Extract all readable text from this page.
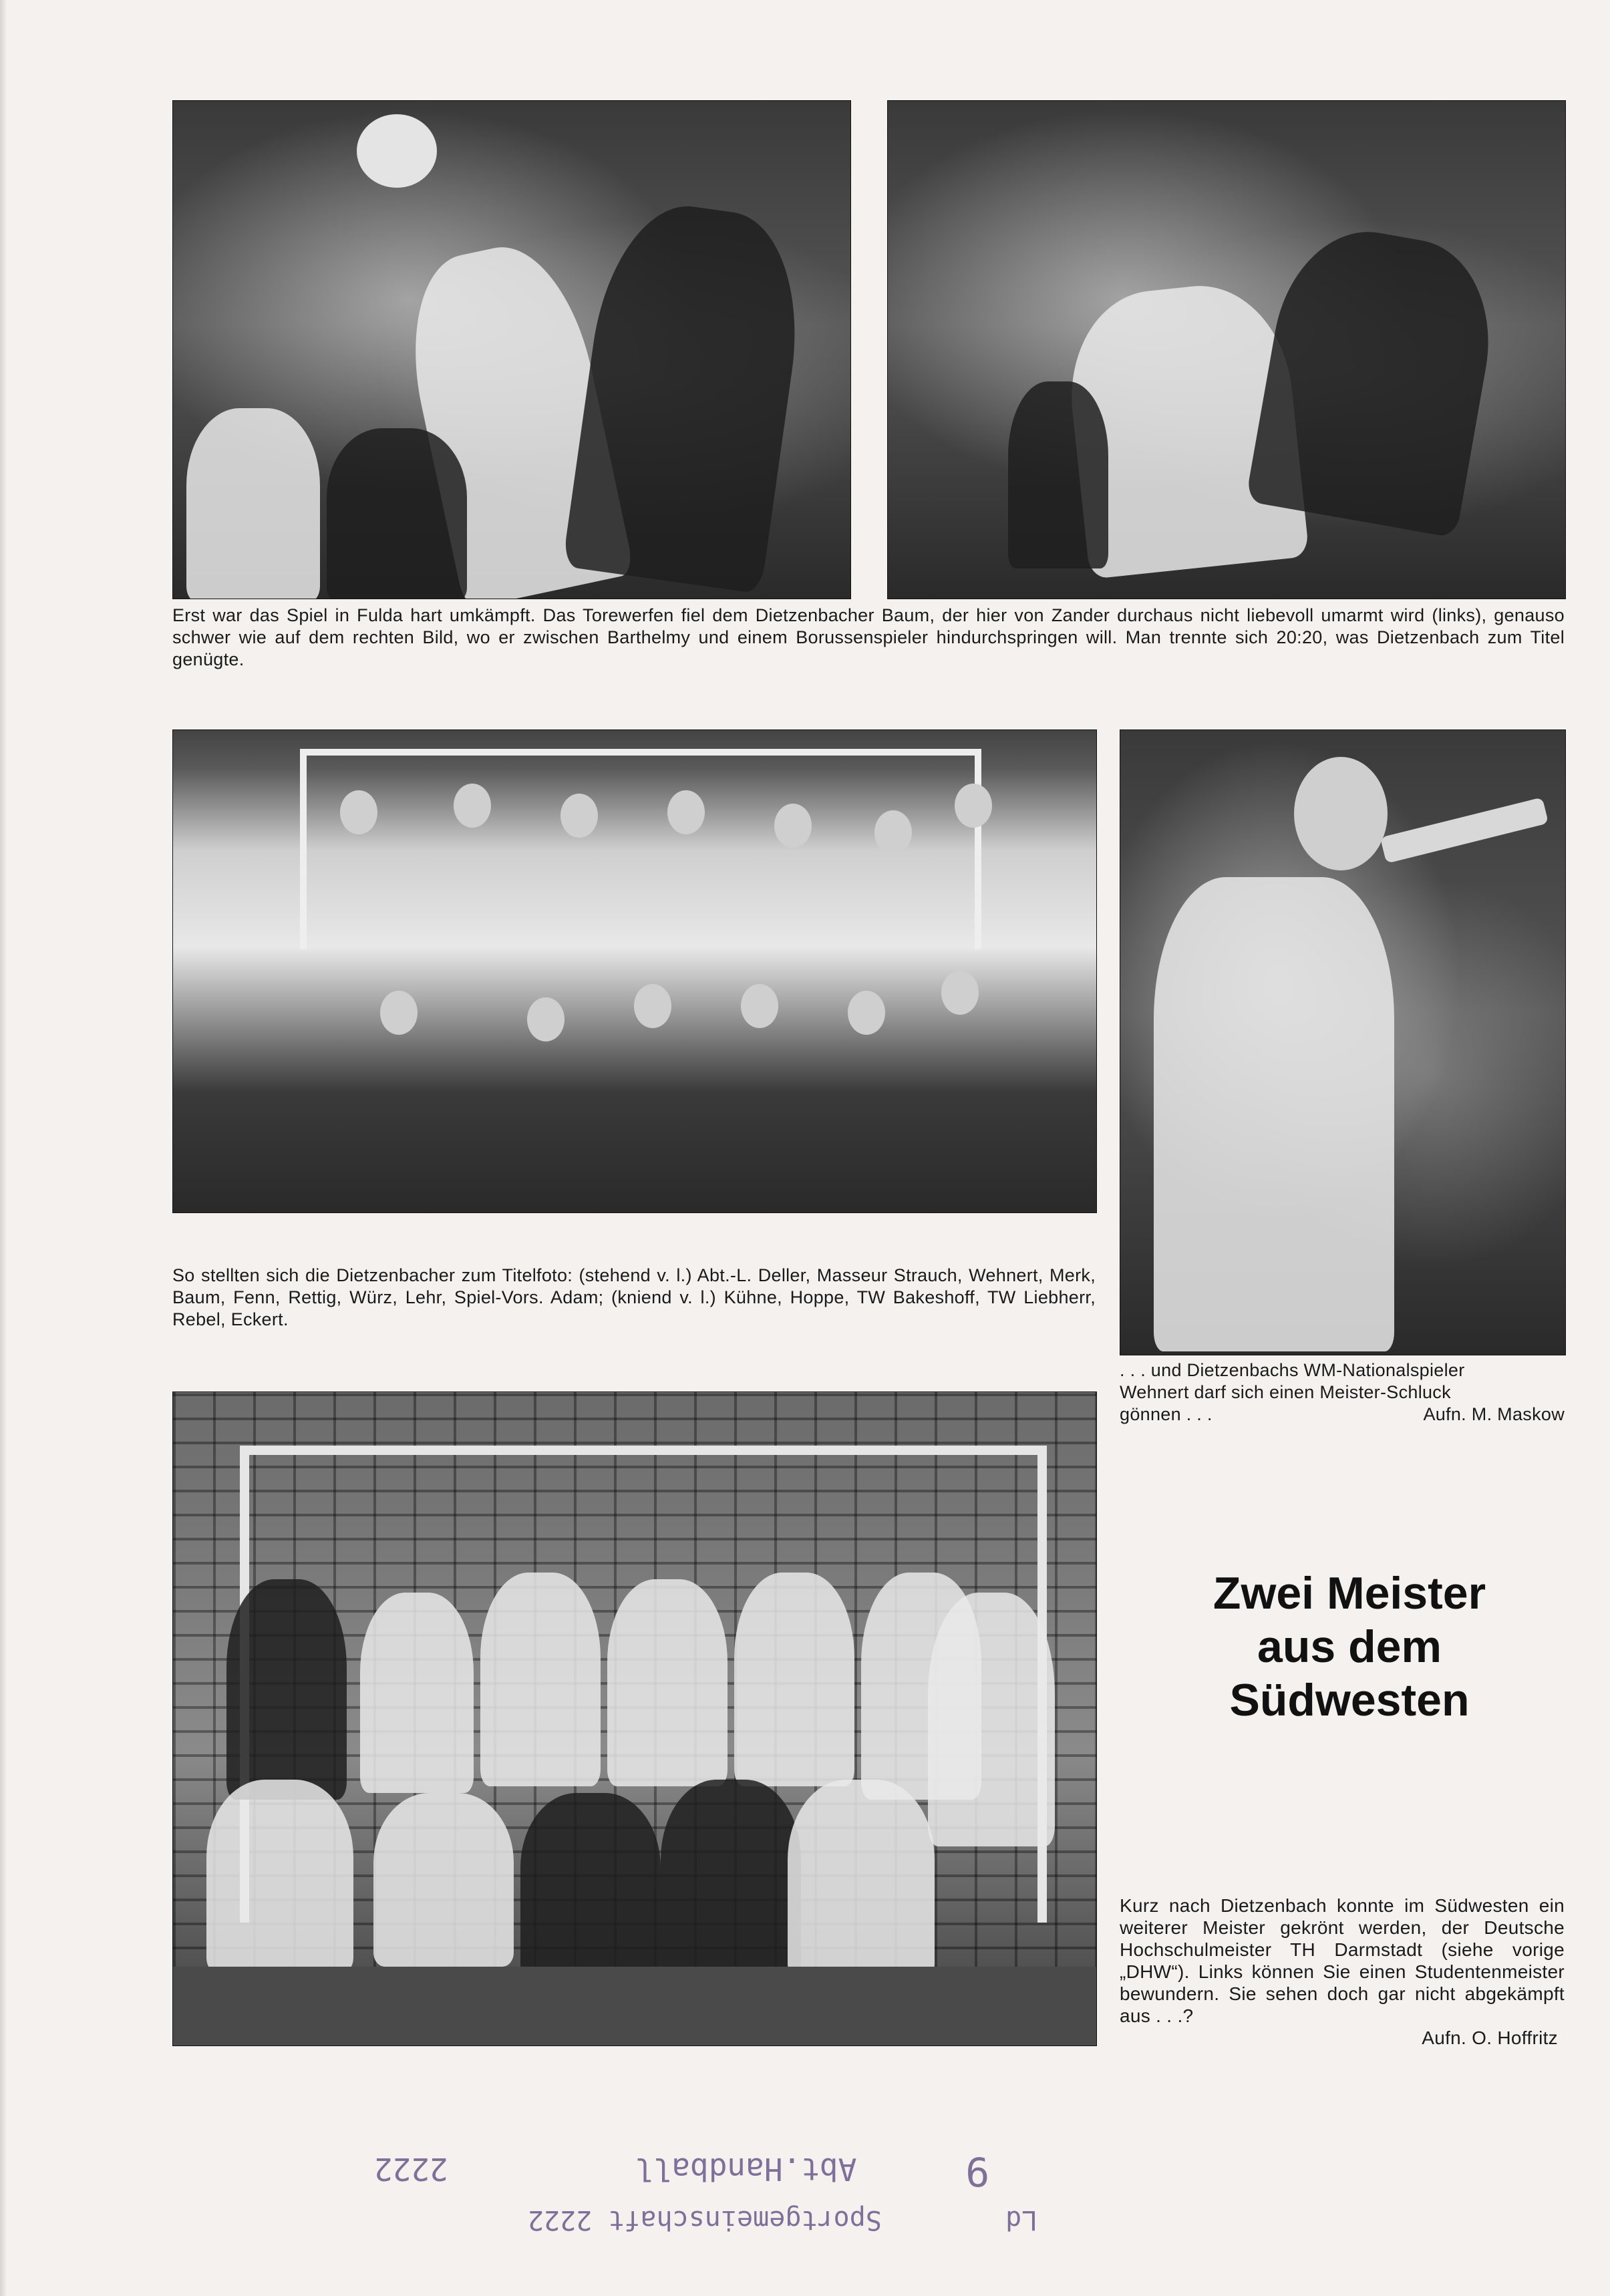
Erst war das Spiel in Fulda hart umkämpft. Das Torewerfen fiel dem Dietzenbacher Baum, der hier von Zander durchaus nicht liebevoll umarmt wird (links), genauso schwer wie auf dem rechten Bild, wo er zwischen Barthelmy und einem Borussenspieler hindurchspringen will. Man trennte sich 20:20, was Dietzenbach zum Titel genügte.
So stellten sich die Dietzenbacher zum Titelfoto: (stehend v. l.) Abt.-L. Deller, Masseur Strauch, Wehnert, Merk, Baum, Fenn, Rettig, Würz, Lehr, Spiel-Vors. Adam; (kniend v. l.) Kühne, Hoppe, TW Bakeshoff, TW Liebherr, Rebel, Eckert.
. . . und Dietzenbachs WM-Nationalspieler
Wehnert darf sich einen Meister-Schluck
gönnen . . .	Aufn. M. Maskow
Zwei Meister
aus dem
Südwesten
Kurz nach Dietzenbach konnte im Südwesten ein weiterer Meister gekrönt werden, der Deutsche Hochschulmeister TH Darmstadt (siehe vorige „DHW“). Links können Sie einen Studentenmeister bewundern. Sie sehen doch gar nicht abgekämpft aus . . .?
Aufn. O. Hoffritz
2222	Abt.Handball	9
Sportgemeinschaft 2222	Ld
